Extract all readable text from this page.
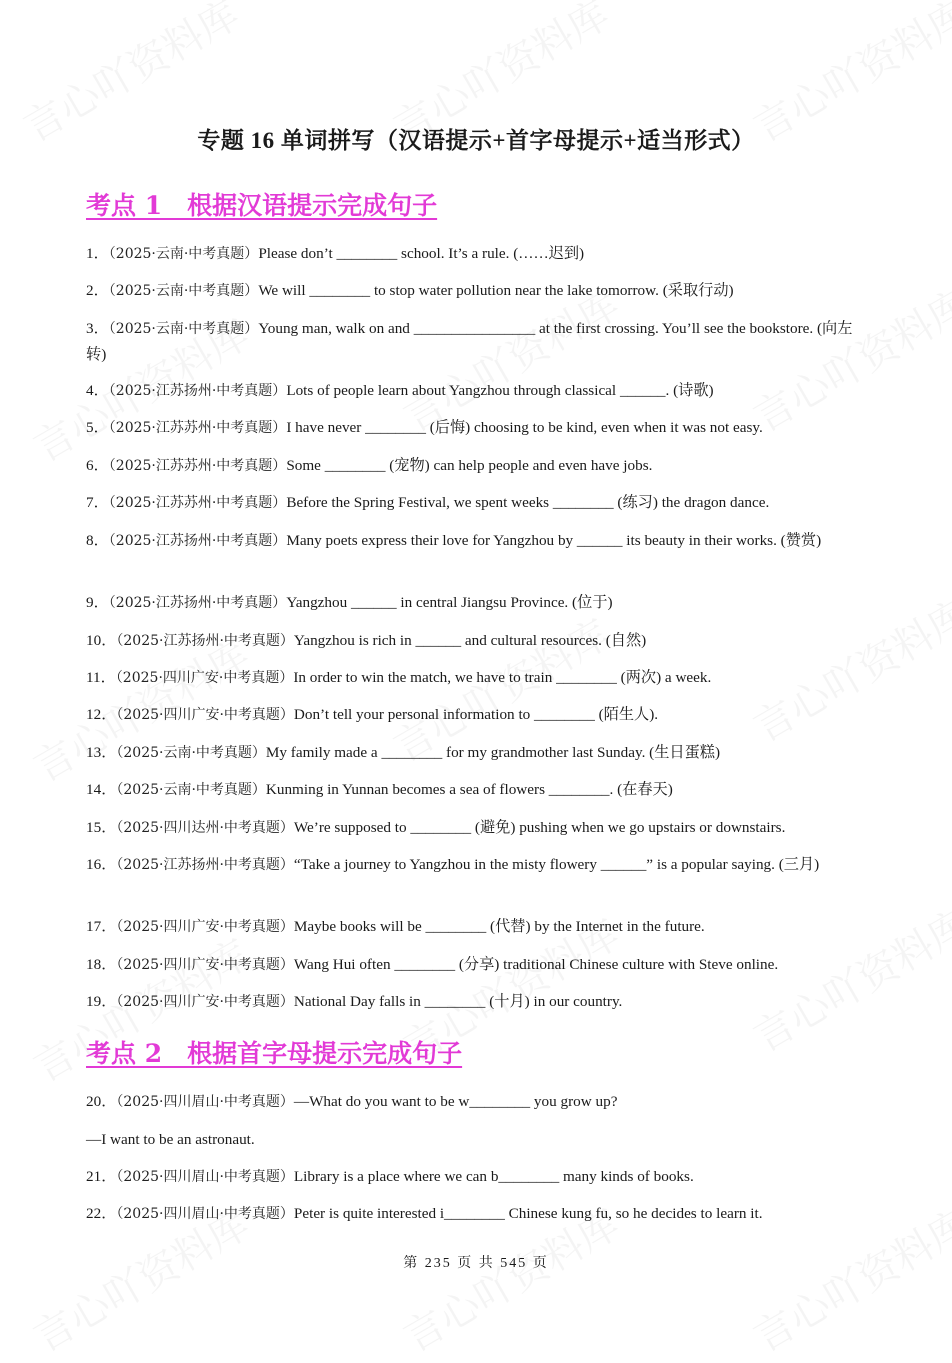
专题 16 单词拼写（汉语提示+首字母提示+适当形式）
考点 1　根据汉语提示完成句子
1．（2025·云南·中考真题）Please don’t ________ school. It’s a rule. (……迟到)
2．（2025·云南·中考真题）We will ________ to stop water pollution near the lake tomorrow. (采取行动)
3．（2025·云南·中考真题）Young man, walk on and ________________ at the first crossing. You’ll see the bookstore. (向左转)
4．（2025·江苏扬州·中考真题）Lots of people learn about Yangzhou through classical ______. (诗歌)
5．（2025·江苏苏州·中考真题）I have never ________ (后悔) choosing to be kind, even when it was not easy.
6．（2025·江苏苏州·中考真题）Some ________ (宠物) can help people and even have jobs.
7．（2025·江苏苏州·中考真题）Before the Spring Festival, we spent weeks ________ (练习) the dragon dance.
8．（2025·江苏扬州·中考真题）Many poets express their love for Yangzhou by ______ its beauty in their works. (赞赏)
9．（2025·江苏扬州·中考真题）Yangzhou ______ in central Jiangsu Province. (位于)
10．（2025·江苏扬州·中考真题）Yangzhou is rich in ______ and cultural resources. (自然)
11．（2025·四川广安·中考真题）In order to win the match, we have to train ________ (两次) a week.
12．（2025·四川广安·中考真题）Don’t tell your personal information to ________ (陌生人).
13．（2025·云南·中考真题）My family made a ________ for my grandmother last Sunday. (生日蛋糕)
14．（2025·云南·中考真题）Kunming in Yunnan becomes a sea of flowers ________. (在春天)
15．（2025·四川达州·中考真题）We’re supposed to ________ (避免) pushing when we go upstairs or downstairs.
16．（2025·江苏扬州·中考真题）“Take a journey to Yangzhou in the misty flowery ______” is a popular saying. (三月)
17．（2025·四川广安·中考真题）Maybe books will be ________ (代替) by the Internet in the future.
18．（2025·四川广安·中考真题）Wang Hui often ________ (分享) traditional Chinese culture with Steve online.
19．（2025·四川广安·中考真题）National Day falls in ________ (十月) in our country.
考点 2　根据首字母提示完成句子
20．（2025·四川眉山·中考真题）—What do you want to be w________ you grow up?
—I want to be an astronaut.
21．（2025·四川眉山·中考真题）Library is a place where we can b________ many kinds of books.
22．（2025·四川眉山·中考真题）Peter is quite interested i________ Chinese kung fu, so he decides to learn it.
第 235 页 共 545 页
